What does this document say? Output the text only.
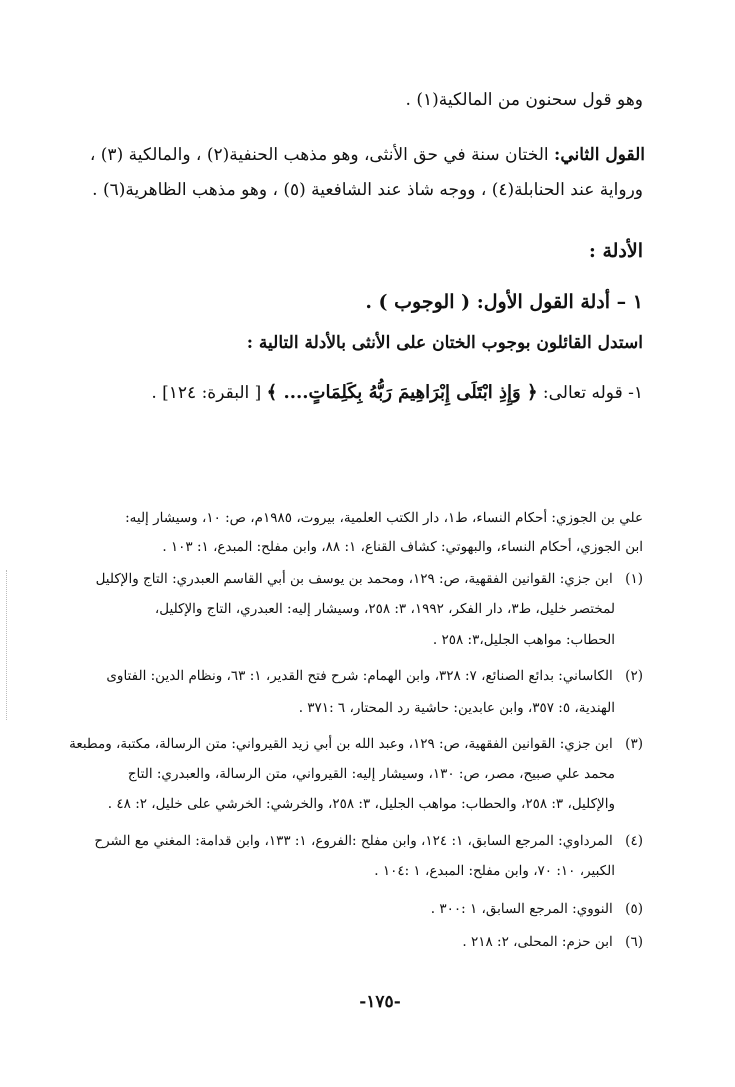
وهو قول سحنون من المالكية(١) .
القول الثاني: الختان سنة في حق الأنثى، وهو مذهب الحنفية(٢) ، والمالكية (٣) ،
ورواية عند الحنابلة(٤) ، ووجه شاذ عند الشافعية (٥) ، وهو مذهب الظاهرية(٦) .
الأدلة :
١ – أدلة القول الأول: ( الوجوب ) .
استدل القائلون بوجوب الختان على الأنثى بالأدلة التالية :
١- قوله تعالى: ﴿ وَإِذِ ابْتَلَى إِبْرَاهِيمَ رَبُّهُ بِكَلِمَاتٍ.... ﴾ [ البقرة: ١٢٤] .
علي بن الجوزي: أحكام النساء، ط١، دار الكتب العلمية، بيروت، ١٩٨٥م، ص: ١٠، وسيشار إليه:
ابن الجوزي، أحكام النساء، والبهوتي: كشاف القناع، ١: ٨٨، وابن مفلح: المبدع، ١: ١٠٣ .
(١) ابن جزي: القوانين الفقهية، ص: ١٢٩، ومحمد بن يوسف بن أبي القاسم العبدري: التاج والإكليل
لمختصر خليل، ط٣، دار الفكر، ١٩٩٢، ٣: ٢٥٨، وسيشار إليه: العبدري، التاج والإكليل،
الحطاب: مواهب الجليل،٣: ٢٥٨ .
(٢) الكاساني: بدائع الصنائع، ٧: ٣٢٨، وابن الهمام: شرح فتح القدير، ١: ٦٣، ونظام الدين: الفتاوى
الهندية، ٥: ٣٥٧، وابن عابدين: حاشية رد المحتار، ٦ :٣٧١ .
(٣) ابن جزي: القوانين الفقهية، ص: ١٢٩، وعبد الله بن أبي زيد القيرواني: متن الرسالة، مكتبة، ومطبعة
محمد علي صبيح، مصر، ص: ١٣٠، وسيشار إليه: القيرواني، متن الرسالة، والعبدري: التاج
والإكليل، ٣: ٢٥٨، والحطاب: مواهب الجليل، ٣: ٢٥٨، والخرشي: الخرشي على خليل، ٢: ٤٨ .
(٤) المرداوي: المرجع السابق، ١: ١٢٤، وابن مفلح :الفروع، ١: ١٣٣، وابن قدامة: المغني مع الشرح
الكبير، ١٠: ٧٠، وابن مفلح: المبدع، ١ :١٠٤ .
(٥) النووي: المرجع السابق، ١ :٣٠٠ .
(٦) ابن حزم: المحلى، ٢: ٢١٨ .
-١٧٥-
